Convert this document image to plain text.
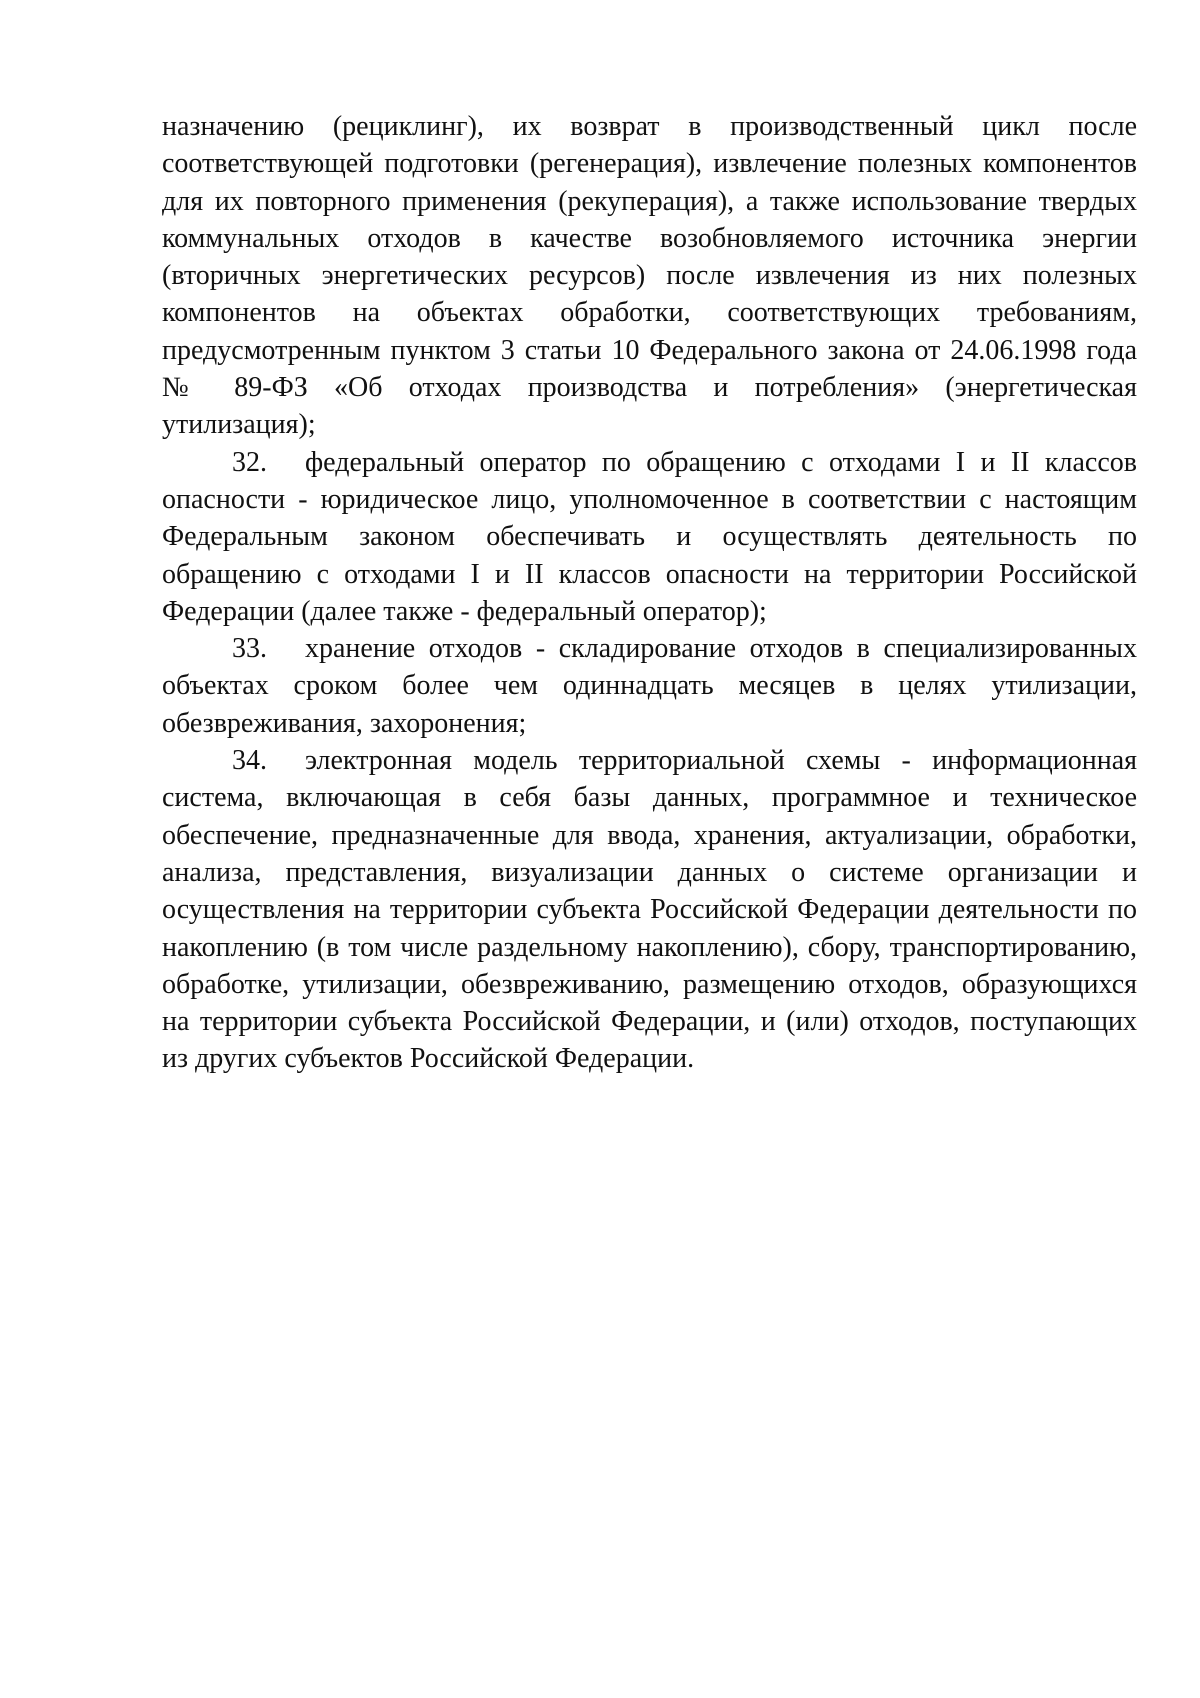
назначению (рециклинг), их возврат в производственный цикл после соответствующей подготовки (регенерация), извлечение полезных компонентов для их повторного применения (рекуперация), а также использование твердых коммунальных отходов в качестве возобновляемого источника энергии (вторичных энергетических ресурсов) после извлечения из них полезных компонентов на объектах обработки, соответствующих требованиям, предусмотренным пунктом 3 статьи 10 Федерального закона от 24.06.1998 года № 89-ФЗ «Об отходах производства и потребления» (энергетическая утилизация);

32. федеральный оператор по обращению с отходами I и II классов опасности - юридическое лицо, уполномоченное в соответствии с настоящим Федеральным законом обеспечивать и осуществлять деятельность по обращению с отходами I и II классов опасности на территории Российской Федерации (далее также - федеральный оператор);

33. хранение отходов - складирование отходов в специализированных объектах сроком более чем одиннадцать месяцев в целях утилизации, обезвреживания, захоронения;

34. электронная модель территориальной схемы - информационная система, включающая в себя базы данных, программное и техническое обеспечение, предназначенные для ввода, хранения, актуализации, обработки, анализа, представления, визуализации данных о системе организации и осуществления на территории субъекта Российской Федерации деятельности по накоплению (в том числе раздельному накоплению), сбору, транспортированию, обработке, утилизации, обезвреживанию, размещению отходов, образующихся на территории субъекта Российской Федерации, и (или) отходов, поступающих из других субъектов Российской Федерации.
